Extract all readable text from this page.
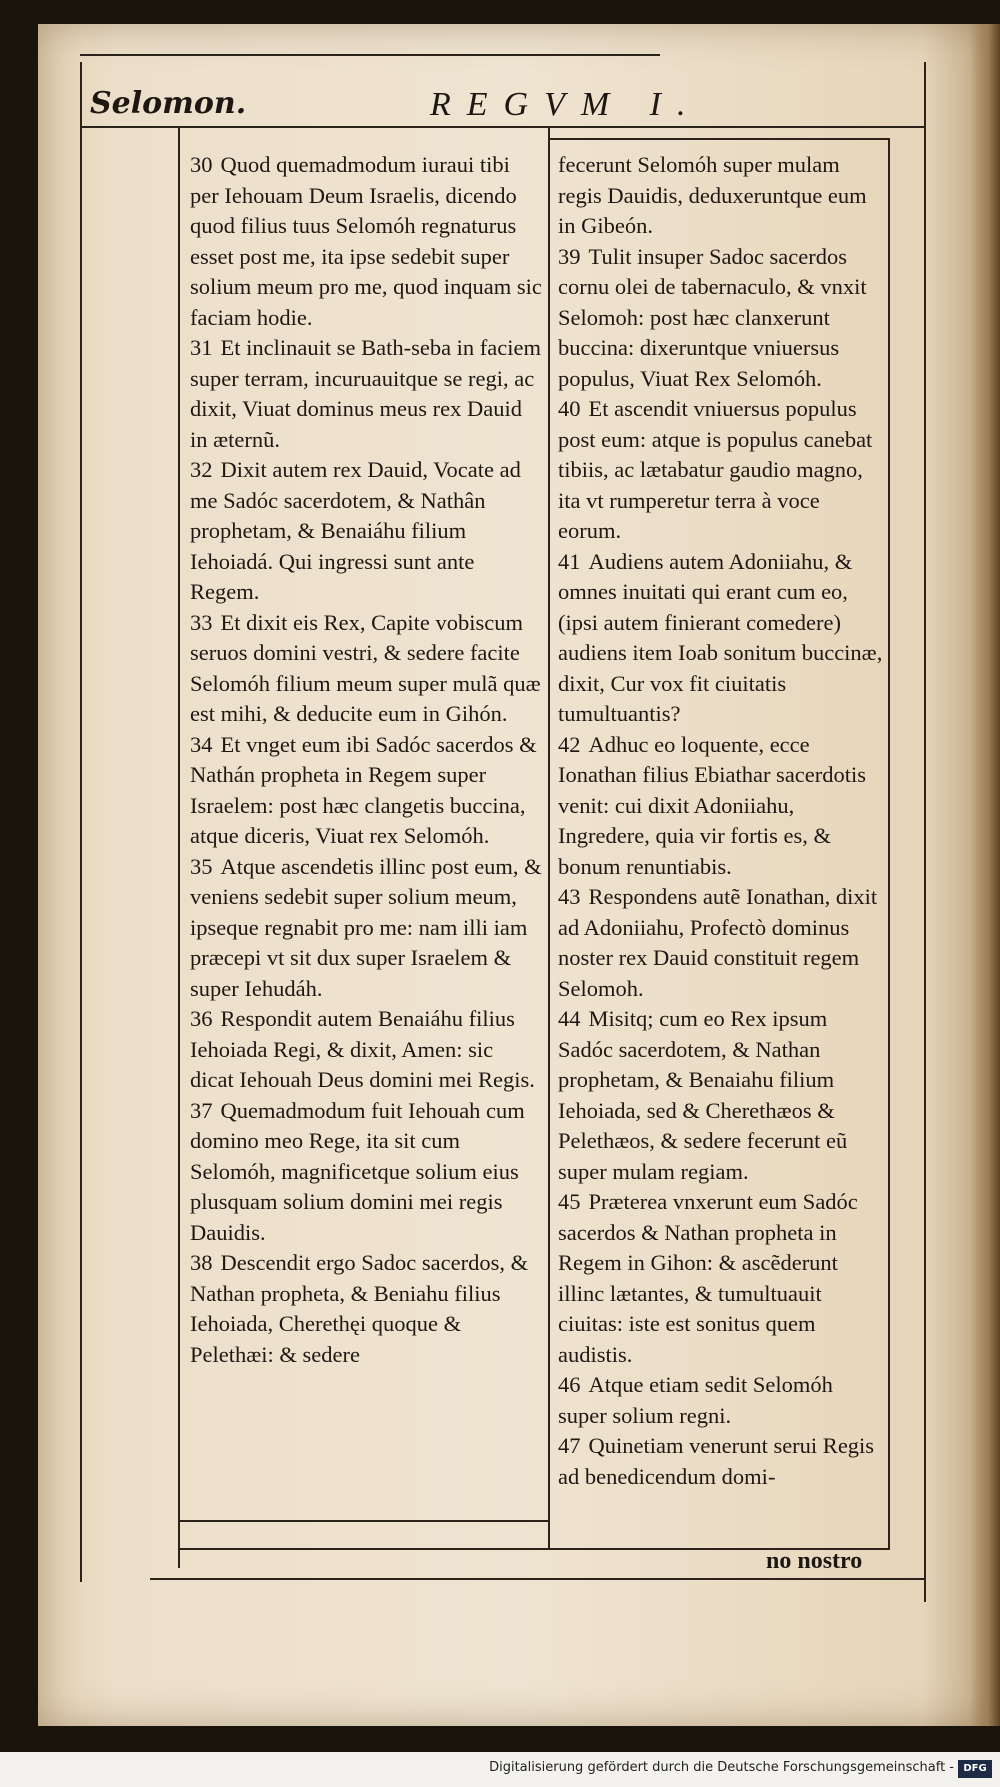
Selomon.	REGVM I.

30 Quod quemadmodum iuraui tibi per Iehouam Deum Israelis, dicendo quod filius tuus Selomóh regnaturus esset post me, ita ipse sedebit super solium meum pro me, quod inquam sic faciam hodie.

31 Et inclinauit se Bath-seba in faciem super terram, incuruauitque se regi, ac dixit, Viuat dominus meus rex Dauid in æternũ.

32 Dixit autem rex Dauid, Vocate ad me Sadóc sacerdotem, & Nathân prophetam, & Benaiáhu filium Iehoiadá. Qui ingressi sunt ante Regem.

33 Et dixit eis Rex, Capite vobiscum seruos domini vestri, & sedere facite Selomóh filium meum super mulã quæ est mihi, & deducite eum in Gihón.

34 Et vnget eum ibi Sadóc sacerdos & Nathán propheta in Regem super Israelem: post hæc clangetis buccina, atque diceris, Viuat rex Selomóh.

35 Atque ascendetis illinc post eum, & veniens sedebit super solium meum, ipseque regnabit pro me: nam illi iam præcepi vt sit dux super Israelem & super Iehudáh.

36 Respondit autem Benaiáhu filius Iehoiada Regi, & dixit, Amen: sic dicat Iehouah Deus domini mei Regis.

37 Quemadmodum fuit Iehouah cum domino meo Rege, ita sit cum Selomóh, magnificetque solium eius plusquam solium domini mei regis Dauidis.

38 Descendit ergo Sadoc sacerdos, & Nathan propheta, & Beniahu filius Iehoiada, Cherethęi quoque & Pelethæi: & sedere

fecerunt Selomóh super mulam regis Dauidis, deduxeruntque eum in Gibeón.

39 Tulit insuper Sadoc sacerdos cornu olei de tabernaculo, & vnxit Selomoh: post hæc clanxerunt buccina: dixeruntque vniuersus populus, Viuat Rex Selomóh.

40 Et ascendit vniuersus populus post eum: atque is populus canebat tibiis, ac lætabatur gaudio magno, ita vt rumperetur terra à voce eorum.

41 Audiens autem Adoniiahu, & omnes inuitati qui erant cum eo, (ipsi autem finierant comedere) audiens item Ioab sonitum buccinæ, dixit, Cur vox fit ciuitatis tumultuantis?

42 Adhuc eo loquente, ecce Ionathan filius Ebiathar sacerdotis venit: cui dixit Adoniiahu, Ingredere, quia vir fortis es, & bonum renuntiabis.

43 Respondens autẽ Ionathan, dixit ad Adoniiahu, Profectò dominus noster rex Dauid constituit regem Selomoh.

44 Misitq; cum eo Rex ipsum Sadóc sacerdotem, & Nathan prophetam, & Benaiahu filium Iehoiada, sed & Cherethæos & Pelethæos, & sedere fecerunt eũ super mulam regiam.

45 Præterea vnxerunt eum Sadóc sacerdos & Nathan propheta in Regem in Gihon: & ascẽderunt illinc lætantes, & tumultuauit ciuitas: iste est sonitus quem audistis.

46 Atque etiam sedit Selomóh super solium regni.

47 Quinetiam venerunt serui Regis ad benedicendum domi-

no nostro
Digitalisierung gefördert durch die Deutsche Forschungsgemeinschaft - DFG
